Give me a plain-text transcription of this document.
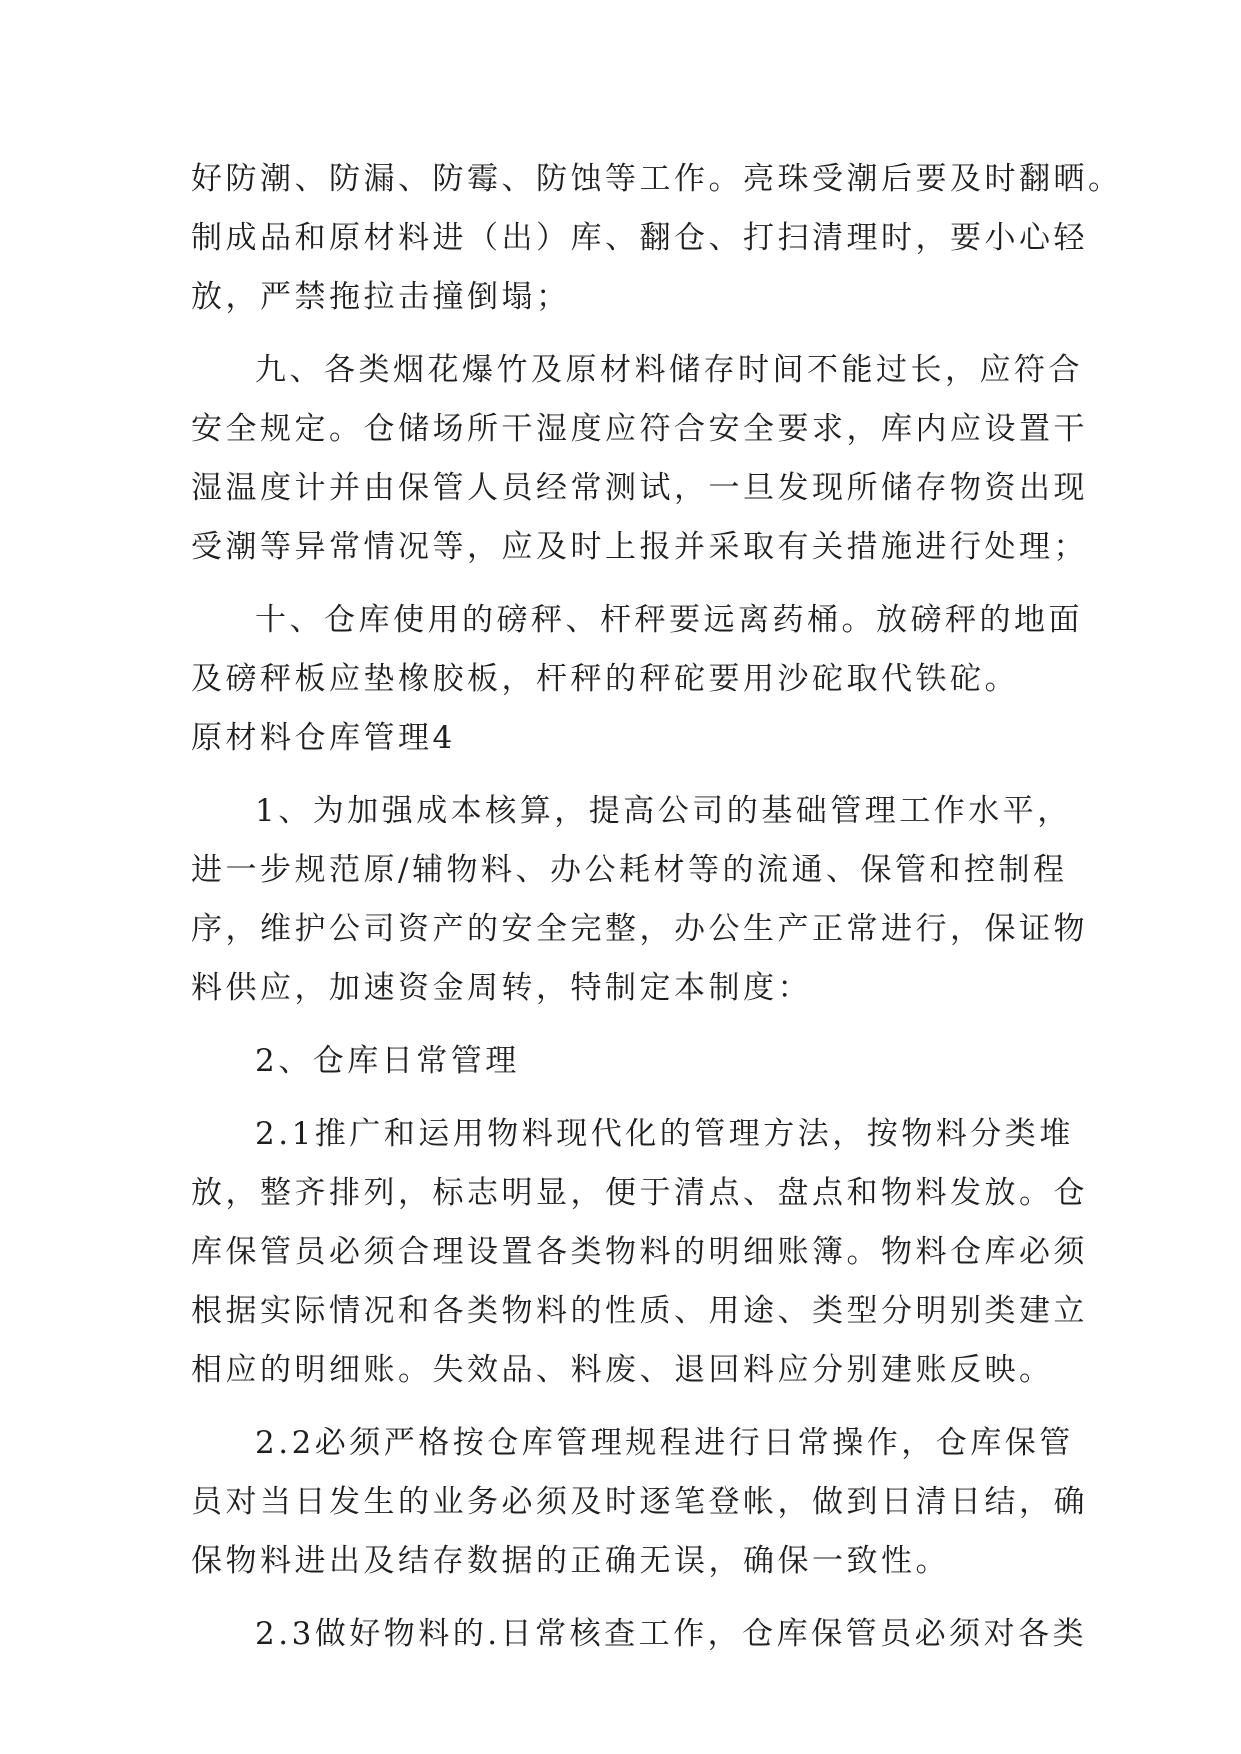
好防潮、防漏、防霉、防蚀等工作。亮珠受潮后要及时翻晒。
制成品和原材料进（出）库、翻仓、打扫清理时，要小心轻
放，严禁拖拉击撞倒塌；
九、各类烟花爆竹及原材料储存时间不能过长，应符合
安全规定。仓储场所干湿度应符合安全要求，库内应设置干
湿温度计并由保管人员经常测试，一旦发现所储存物资出现
受潮等异常情况等，应及时上报并采取有关措施进行处理；
十、仓库使用的磅秤、杆秤要远离药桶。放磅秤的地面
及磅秤板应垫橡胶板，杆秤的秤砣要用沙砣取代铁砣。
原材料仓库管理4
1、为加强成本核算，提高公司的基础管理工作水平，
进一步规范原/辅物料、办公耗材等的流通、保管和控制程
序，维护公司资产的安全完整，办公生产正常进行，保证物
料供应，加速资金周转，特制定本制度：
2、仓库日常管理
2.1推广和运用物料现代化的管理方法，按物料分类堆
放，整齐排列，标志明显，便于清点、盘点和物料发放。仓
库保管员必须合理设置各类物料的明细账簿。物料仓库必须
根据实际情况和各类物料的性质、用途、类型分明别类建立
相应的明细账。失效品、料废、退回料应分别建账反映。
2.2必须严格按仓库管理规程进行日常操作，仓库保管
员对当日发生的业务必须及时逐笔登帐，做到日清日结，确
保物料进出及结存数据的正确无误，确保一致性。
2.3做好物料的.日常核查工作，仓库保管员必须对各类
